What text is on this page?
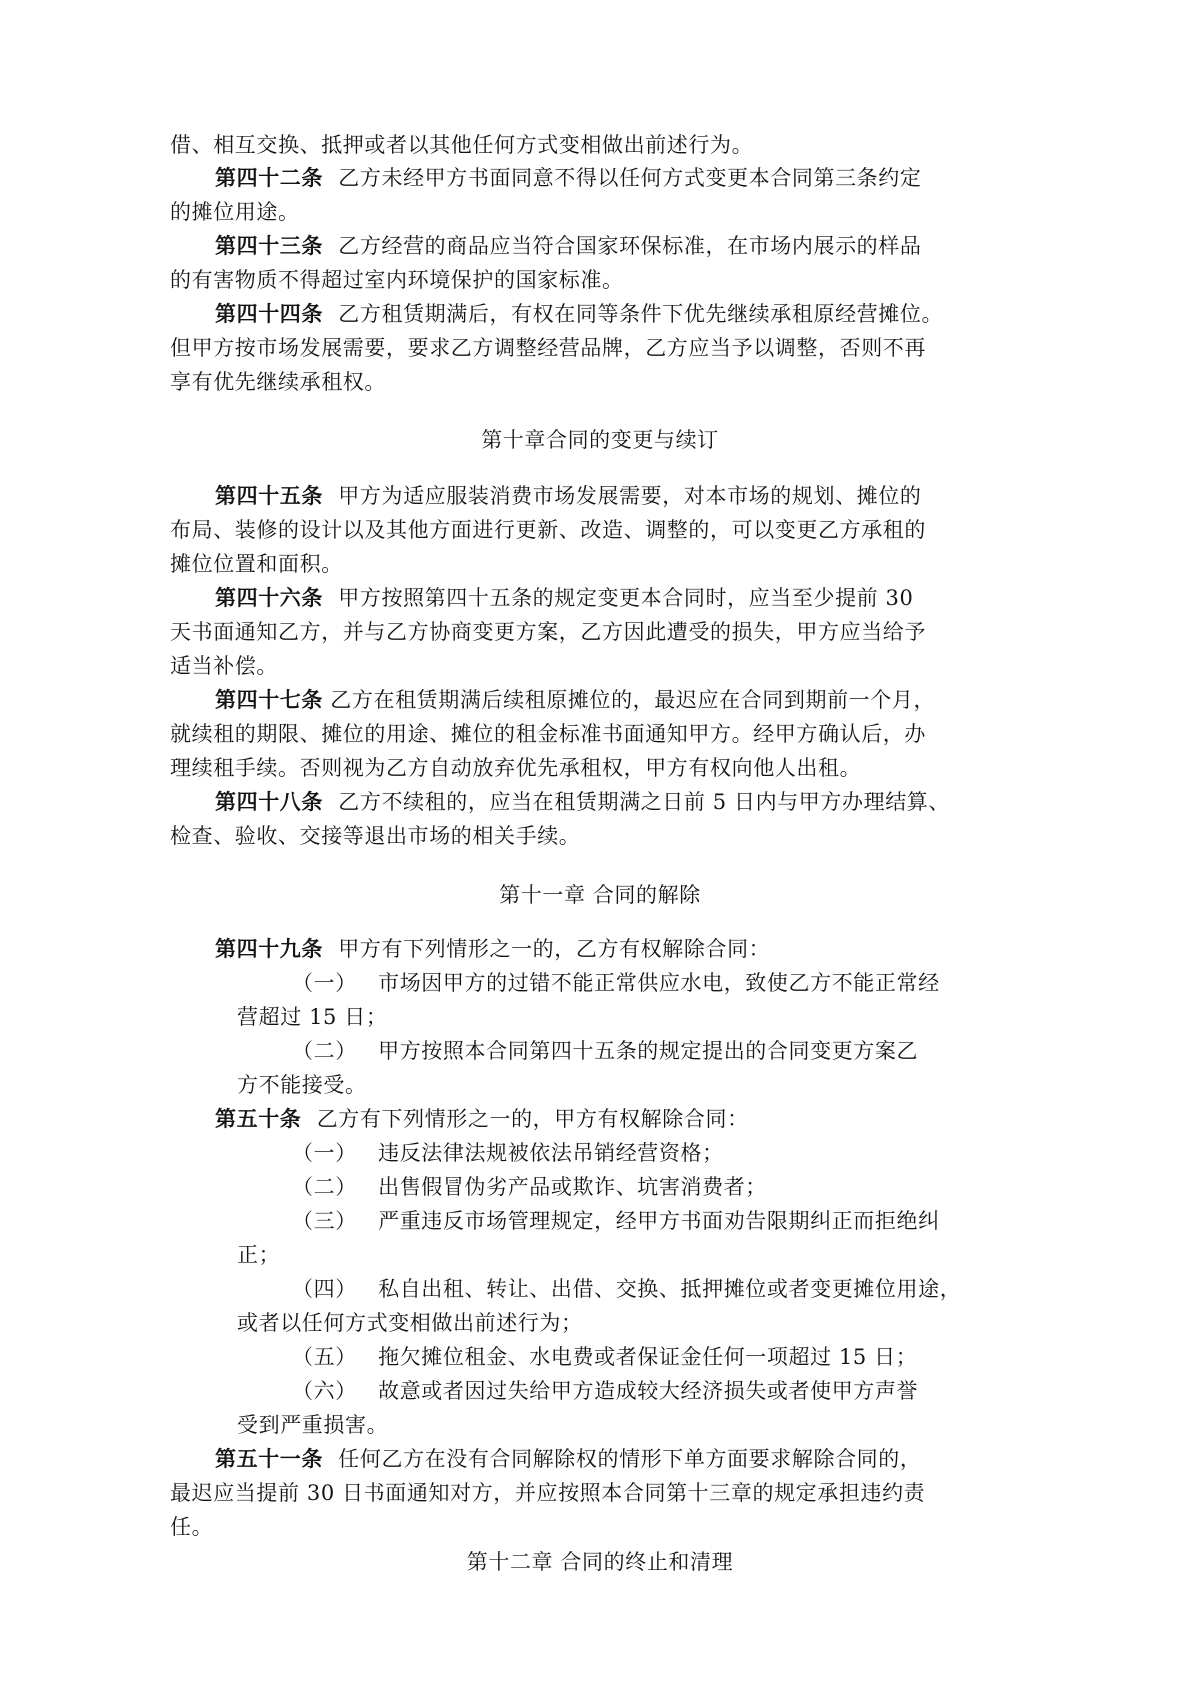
借、相互交换、抵押或者以其他任何方式变相做出前述行为。
第四十二条 乙方未经甲方书面同意不得以任何方式变更本合同第三条约定
的摊位用途。
第四十三条 乙方经营的商品应当符合国家环保标准，在市场内展示的样品
的有害物质不得超过室内环境保护的国家标准。
第四十四条 乙方租赁期满后，有权在同等条件下优先继续承租原经营摊位。
但甲方按市场发展需要，要求乙方调整经营品牌，乙方应当予以调整，否则不再
享有优先继续承租权。
第十章合同的变更与续订
第四十五条 甲方为适应服装消费市场发展需要，对本市场的规划、摊位的
布局、装修的设计以及其他方面进行更新、改造、调整的，可以变更乙方承租的
摊位位置和面积。
第四十六条 甲方按照第四十五条的规定变更本合同时，应当至少提前 30
天书面通知乙方，并与乙方协商变更方案，乙方因此遭受的损失，甲方应当给予
适当补偿。
第四十七条 乙方在租赁期满后续租原摊位的，最迟应在合同到期前一个月，
就续租的期限、摊位的用途、摊位的租金标准书面通知甲方。经甲方确认后，办
理续租手续。否则视为乙方自动放弃优先承租权，甲方有权向他人出租。
第四十八条 乙方不续租的，应当在租赁期满之日前 5 日内与甲方办理结算、
检查、验收、交接等退出市场的相关手续。
第十一章 合同的解除
第四十九条 甲方有下列情形之一的，乙方有权解除合同：
（一） 市场因甲方的过错不能正常供应水电，致使乙方不能正常经
营超过 15 日；
（二） 甲方按照本合同第四十五条的规定提出的合同变更方案乙
方不能接受。
第五十条 乙方有下列情形之一的，甲方有权解除合同：
（一） 违反法律法规被依法吊销经营资格；
（二） 出售假冒伪劣产品或欺诈、坑害消费者；
（三） 严重违反市场管理规定，经甲方书面劝告限期纠正而拒绝纠
正；
（四） 私自出租、转让、出借、交换、抵押摊位或者变更摊位用途，
或者以任何方式变相做出前述行为；
（五） 拖欠摊位租金、水电费或者保证金任何一项超过 15 日；
（六） 故意或者因过失给甲方造成较大经济损失或者使甲方声誉
受到严重损害。
第五十一条 任何乙方在没有合同解除权的情形下单方面要求解除合同的，
最迟应当提前 30 日书面通知对方，并应按照本合同第十三章的规定承担违约责
任。
第十二章 合同的终止和清理
